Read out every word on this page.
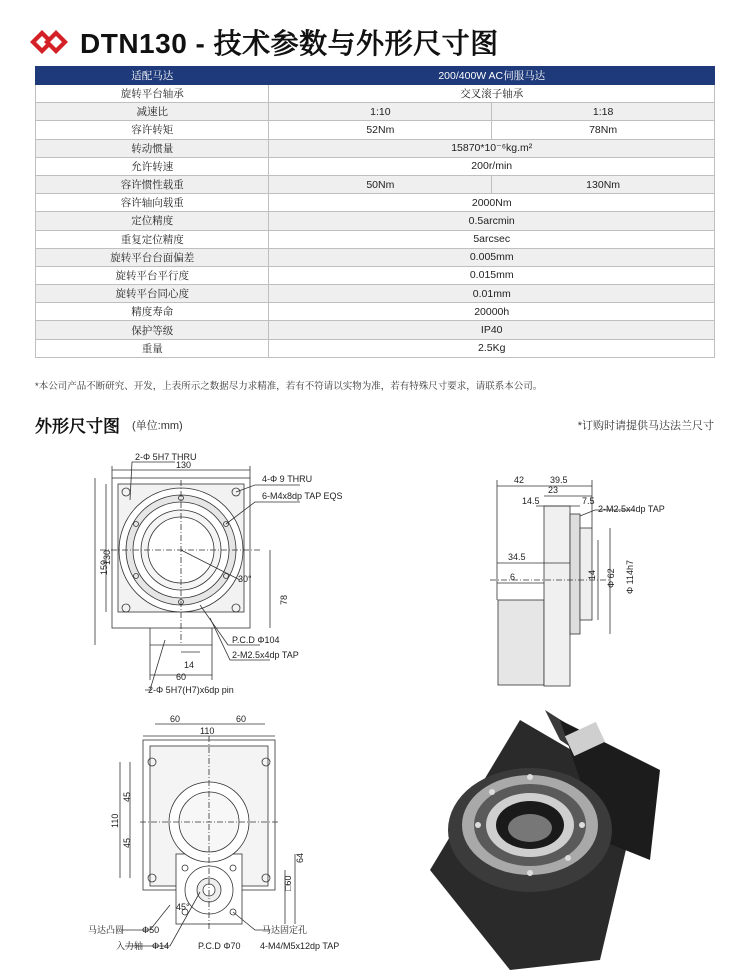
DTN130 - 技术参数与外形尺寸图
适配马达	200/400W AC伺服马达	
旋转平台轴承	交叉滚子轴承	
减速比	1:10	1:18
容许转矩	52Nm	78Nm
转动惯量	15870*10⁻⁶kg.m²	
允许转速	200r/min	
容许惯性载重	50Nm	130Nm
容许轴向载重	2000Nm	
定位精度	0.5arcmin	
重复定位精度	5arcsec	
旋转平台台面偏差	0.005mm	
旋转平台平行度	0.015mm	
旋转平台同心度	0.01mm	
精度寿命	20000h	
保护等级	IP40	
重量	2.5Kg	
*本公司产品不断研究、开发，上表所示之数据尽力求精准，若有不符请以实物为准，若有特殊尺寸要求，请联系本公司。
外形尺寸图 (单位:mm)	*订购时请提供马达法兰尺寸
2-Φ 5H7 THRU
130
4-Φ 9 THRU
6-M4x8dp TAP EQS
159
130
30°
78
P.C.D Φ104
2-M2.5x4dp TAP
14
60
2-Φ 5H7(H7)x6dp pin
42	39.5
23
14.5	7.5
2-M2.5x4dp TAP
34.5
6	14 Φ 62 Φ 114h7
60	60
110
45
45
110
64
□60
45°
马达凸圆 Φ50
入力轴 Φ14	P.C.D Φ70
马达固定孔
4-M4/M5x12dp TAP
